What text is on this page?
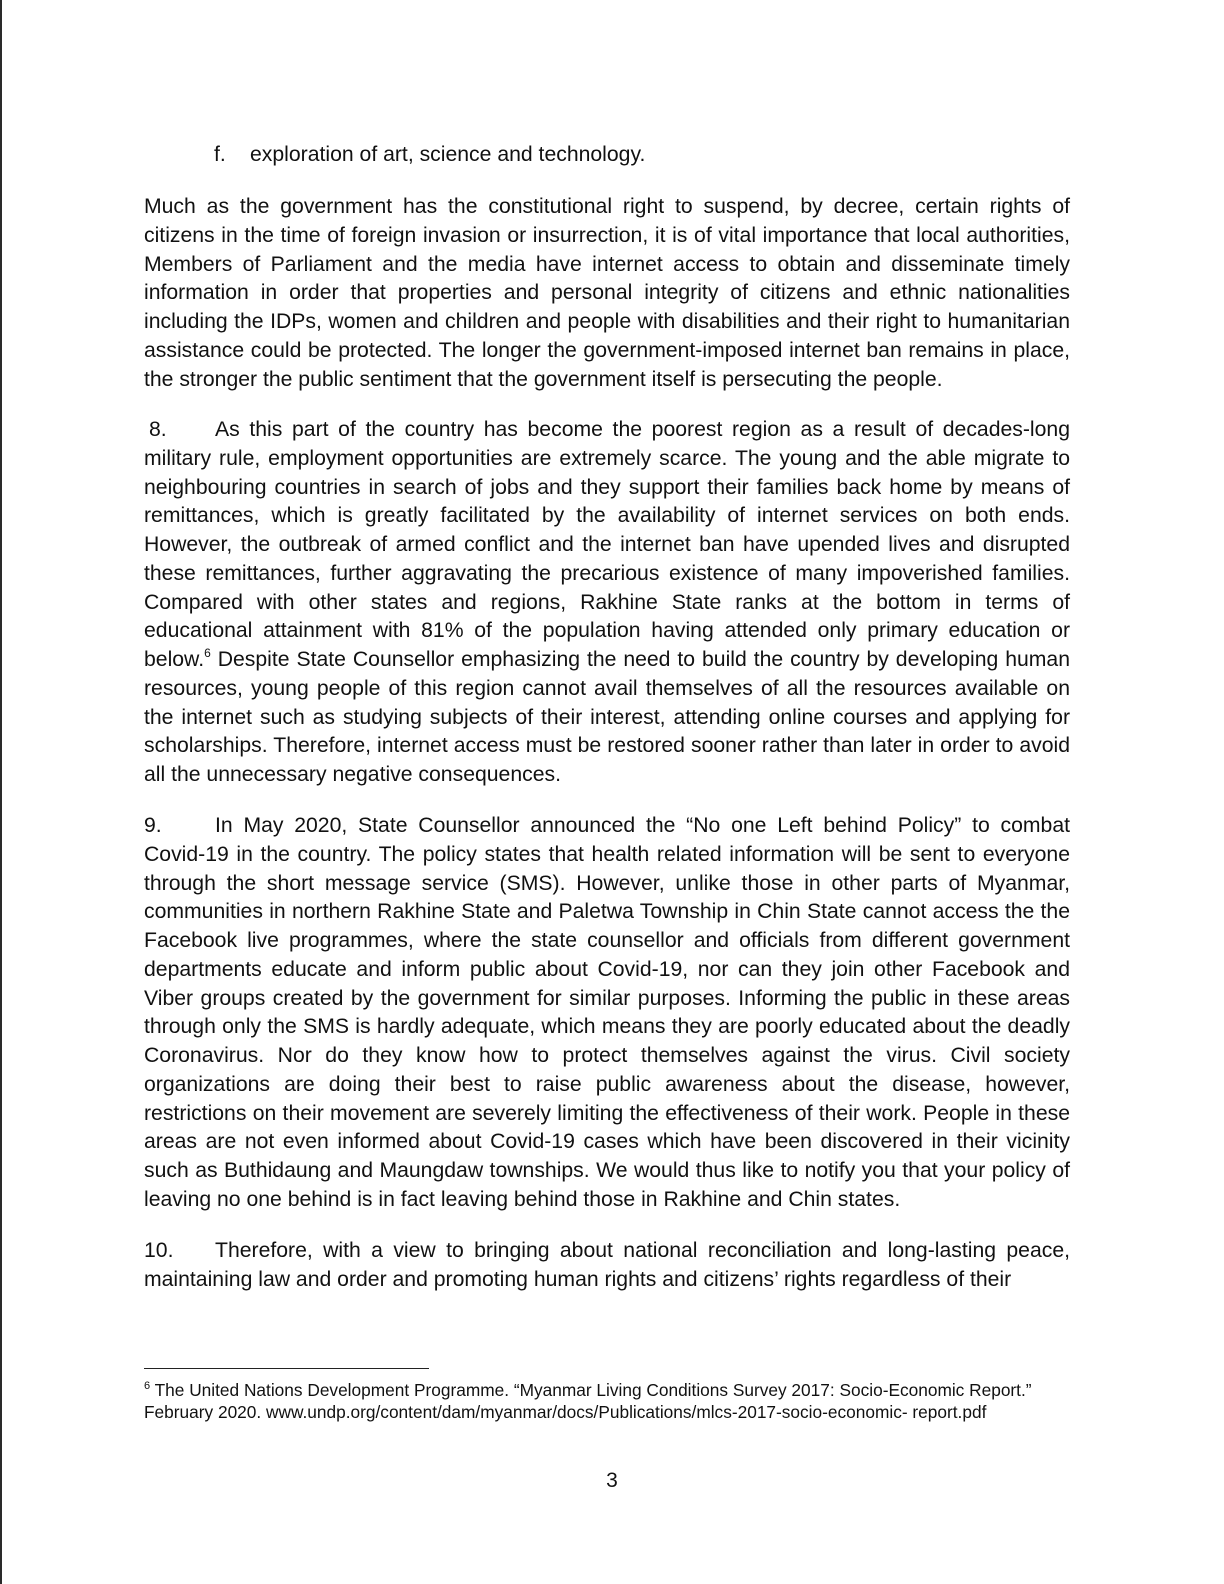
f. exploration of art, science and technology.
Much as the government has the constitutional right to suspend, by decree, certain rights of citizens in the time of foreign invasion or insurrection, it is of vital importance that local authorities, Members of Parliament and the media have internet access to obtain and disseminate timely information in order that properties and personal integrity of citizens and ethnic nationalities including the IDPs, women and children and people with disabilities and their right to humanitarian assistance could be protected. The longer the government-imposed internet ban remains in place, the stronger the public sentiment that the government itself is persecuting the people.
8. As this part of the country has become the poorest region as a result of decades-long military rule, employment opportunities are extremely scarce. The young and the able migrate to neighbouring countries in search of jobs and they support their families back home by means of remittances, which is greatly facilitated by the availability of internet services on both ends. However, the outbreak of armed conflict and the internet ban have upended lives and disrupted these remittances, further aggravating the precarious existence of many impoverished families. Compared with other states and regions, Rakhine State ranks at the bottom in terms of educational attainment with 81% of the population having attended only primary education or below.$^6$ Despite State Counsellor emphasizing the need to build the country by developing human resources, young people of this region cannot avail themselves of all the resources available on the internet such as studying subjects of their interest, attending online courses and applying for scholarships. Therefore, internet access must be restored sooner rather than later in order to avoid all the unnecessary negative consequences.
9.	In May 2020, State Counsellor announced the “No one Left behind Policy” to combat Covid-19 in the country. The policy states that health related information will be sent to everyone through the short message service (SMS). However, unlike those in other parts of Myanmar, communities in northern Rakhine State and Paletwa Township in Chin State cannot access the the Facebook live programmes, where the state counsellor and officials from different government departments educate and inform public about Covid-19, nor can they join other Facebook and Viber groups created by the government for similar purposes. Informing the public in these areas through only the SMS is hardly adequate, which means they are poorly educated about the deadly Coronavirus. Nor do they know how to protect themselves against the virus. Civil society organizations are doing their best to raise public awareness about the disease, however, restrictions on their movement are severely limiting the effectiveness of their work. People in these areas are not even informed about Covid-19 cases which have been discovered in their vicinity such as Buthidaung and Maungdaw townships. We would thus like to notify you that your policy of leaving no one behind is in fact leaving behind those in Rakhine and Chin states.
10. Therefore, with a view to bringing about national reconciliation and long-lasting peace, maintaining law and order and promoting human rights and citizens’ rights regardless of their
$^6$ The United Nations Development Programme. “Myanmar Living Conditions Survey 2017: Socio-Economic Report.” February 2020. www.undp.org/content/dam/myanmar/docs/Publications/mlcs-2017-socio-economic- report.pdf
3
